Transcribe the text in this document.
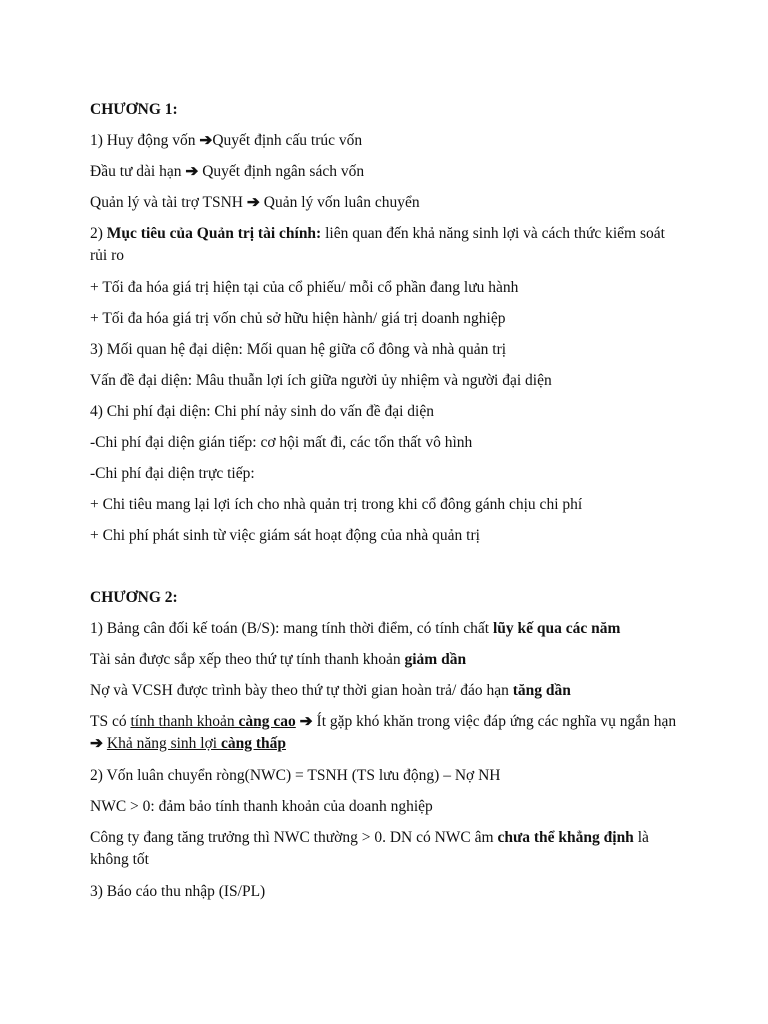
CHƯƠNG 1:

1) Huy động vốn ➔Quyết định cấu trúc vốn

Đầu tư dài hạn ➔ Quyết định ngân sách vốn

Quản lý và tài trợ TSNH ➔ Quản lý vốn luân chuyển

2) Mục tiêu của Quản trị tài chính: liên quan đến khả năng sinh lợi và cách thức kiểm soát rủi ro

+ Tối đa hóa giá trị hiện tại của cổ phiếu/ mỗi cổ phần đang lưu hành

+ Tối đa hóa giá trị vốn chủ sở hữu hiện hành/ giá trị doanh nghiệp

3) Mối quan hệ đại diện: Mối quan hệ giữa cổ đông và nhà quản trị

Vấn đề đại diện: Mâu thuẫn lợi ích giữa người ủy nhiệm và người đại diện

4) Chi phí đại diện: Chi phí nảy sinh do vấn đề đại diện

-Chi phí đại diện gián tiếp: cơ hội mất đi, các tổn thất vô hình

-Chi phí đại diện trực tiếp:

+ Chi tiêu mang lại lợi ích cho nhà quản trị trong khi cổ đông gánh chịu chi phí

+ Chi phí phát sinh từ việc giám sát hoạt động của nhà quản trị

CHƯƠNG 2:

1) Bảng cân đối kế toán (B/S): mang tính thời điểm, có tính chất lũy kế qua các năm

Tài sản được sắp xếp theo thứ tự tính thanh khoản giảm dần

Nợ và VCSH được trình bày theo thứ tự thời gian hoàn trả/ đáo hạn tăng dần

TS có tính thanh khoản càng cao ➔ Ít gặp khó khăn trong việc đáp ứng các nghĩa vụ ngắn hạn ➔ Khả năng sinh lợi càng thấp

2) Vốn luân chuyển ròng(NWC) = TSNH (TS lưu động) – Nợ NH

NWC > 0: đảm bảo tính thanh khoản của doanh nghiệp

Công ty đang tăng trưởng thì NWC thường > 0. DN có NWC âm chưa thể khẳng định là không tốt

3) Báo cáo thu nhập (IS/PL)
